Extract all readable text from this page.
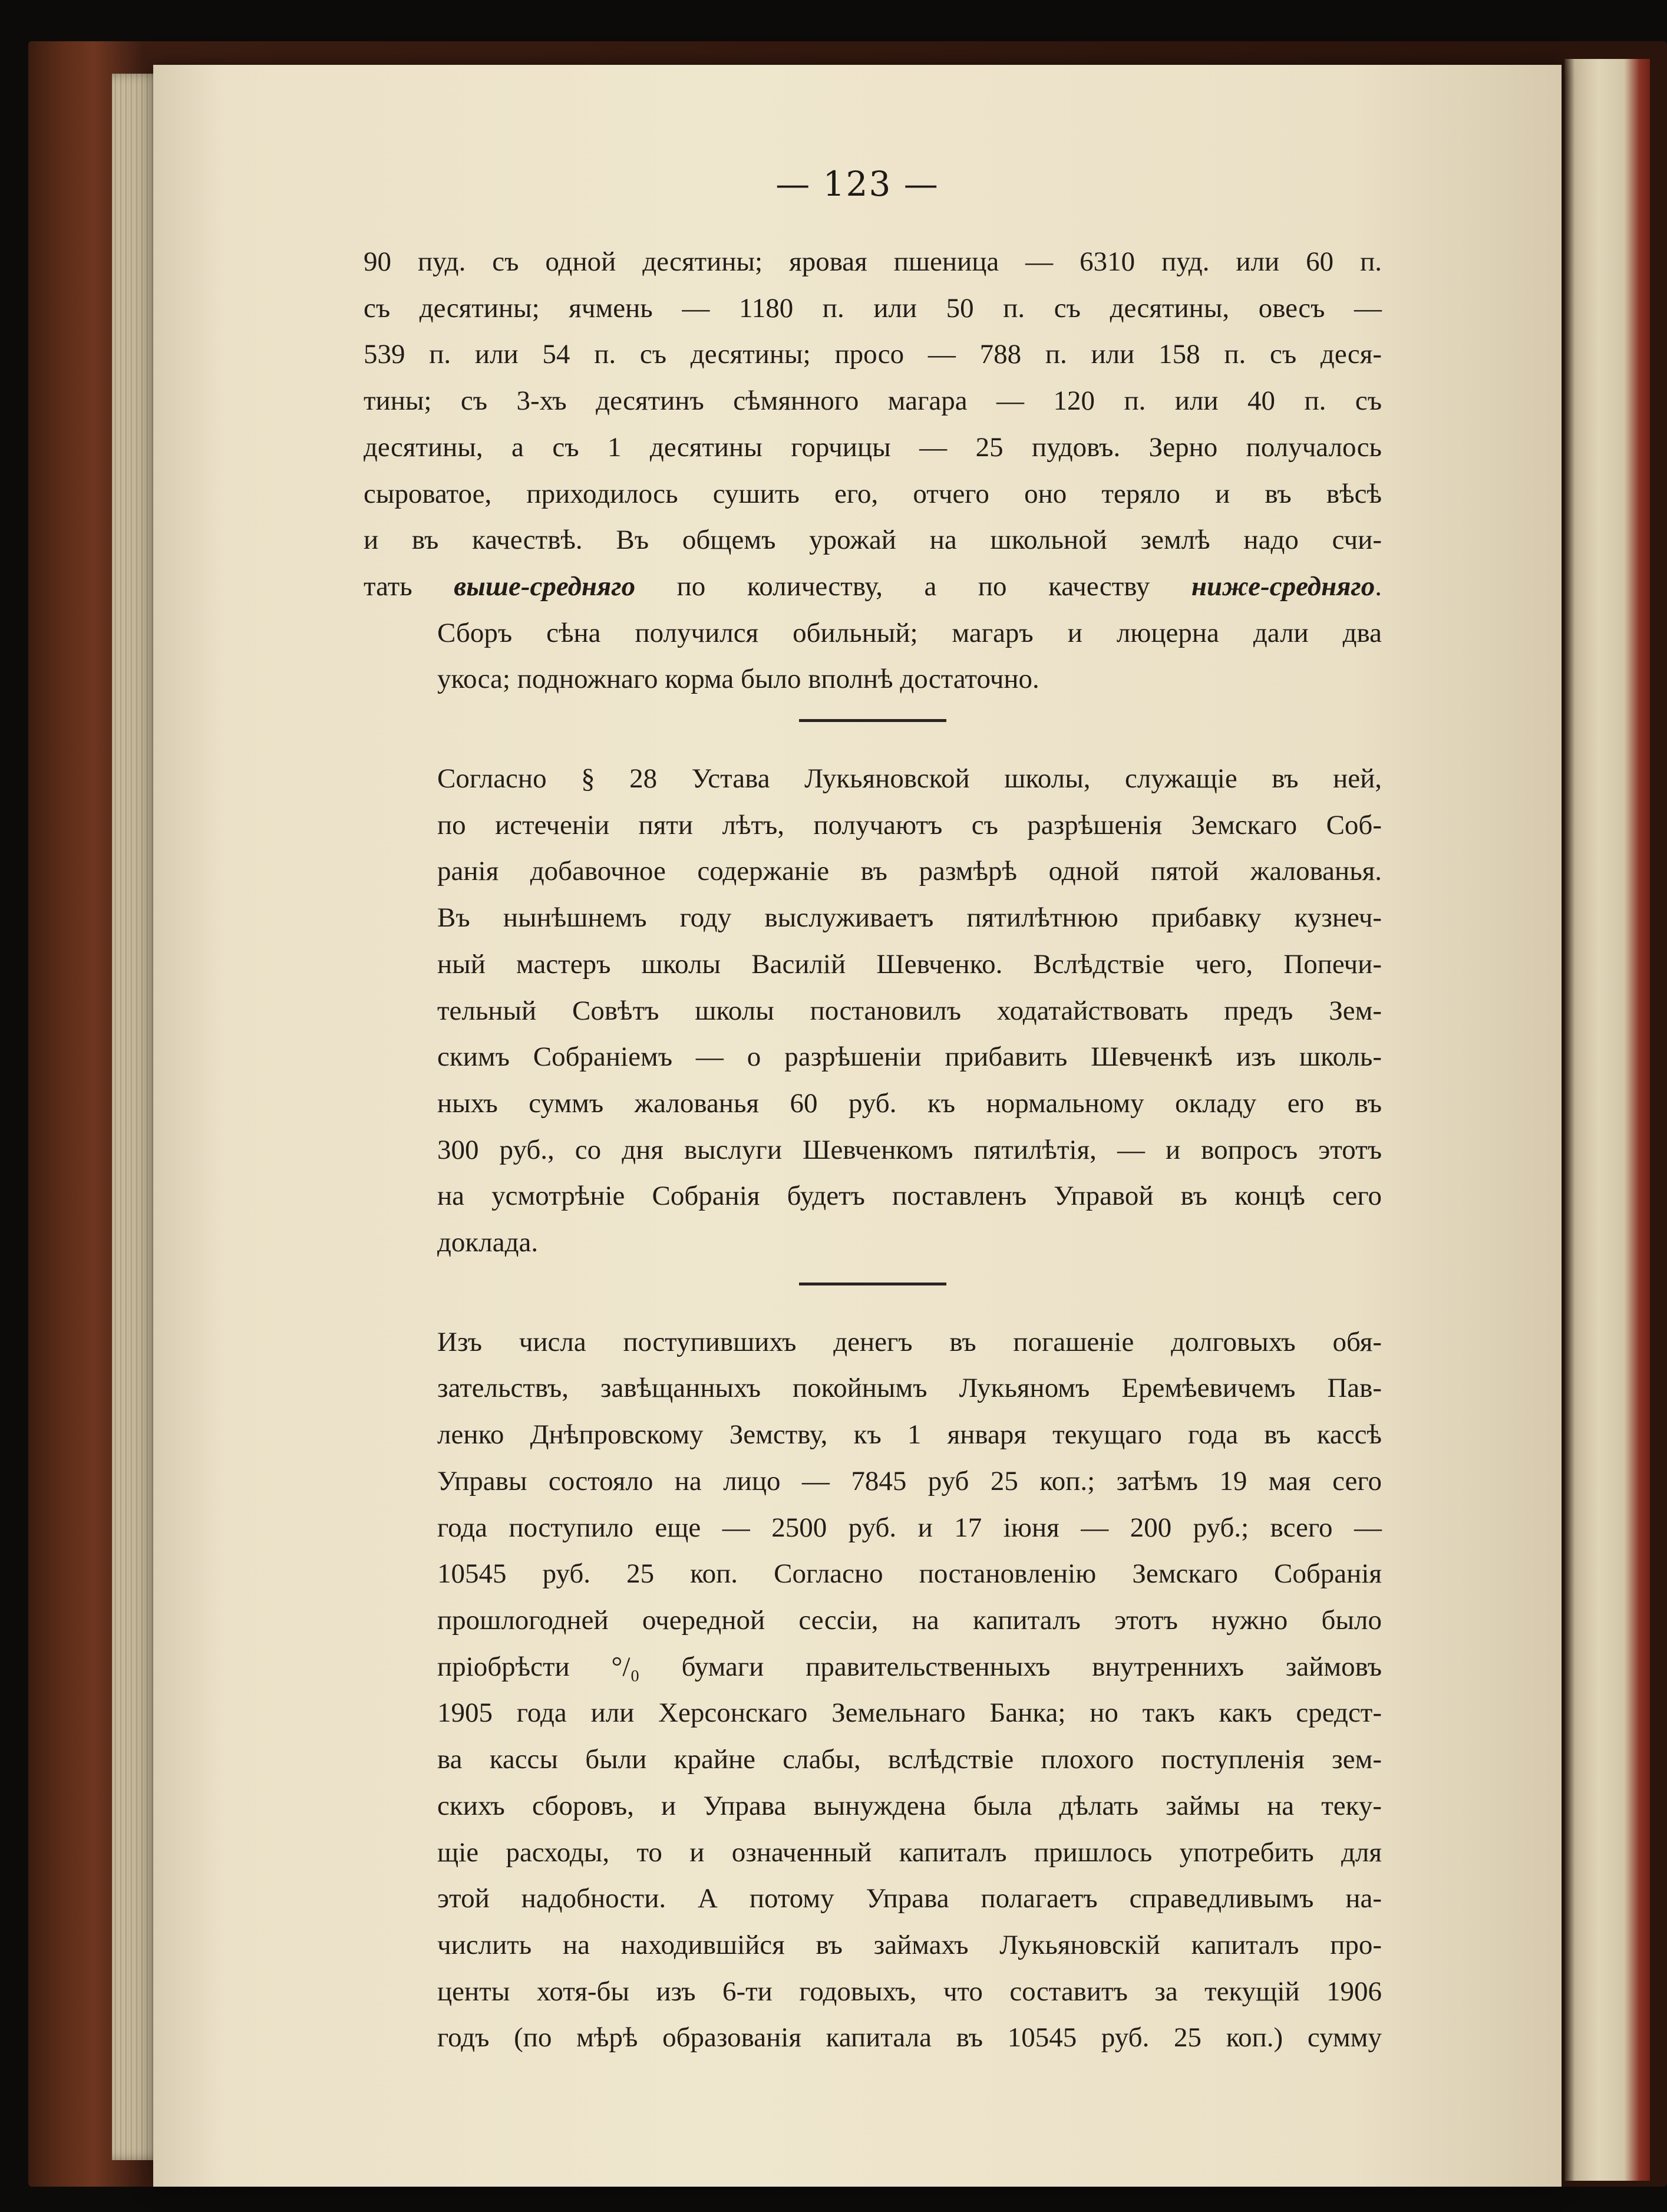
— 123 —

90 пуд. съ одной десятины; яровая пшеница — 6310 пуд. или 60 п.
съ десятины; ячмень — 1180 п. или 50 п. съ десятины, овесъ —
539 п. или 54 п. съ десятины; просо — 788 п. или 158 п. съ деся-
тины; съ 3-хъ десятинъ сѣмянного магара — 120 п. или 40 п. съ
десятины, а съ 1 десятины горчицы — 25 пудовъ. Зерно получалось
сыроватое, приходилось сушить его, отчего оно теряло и въ вѣсѣ
и въ качествѣ. Въ общемъ урожай на школьной землѣ надо счи-
тать выше-средняго по количеству, а по качеству ниже-средняго.

Сборъ сѣна получился обильный; магаръ и люцерна дали два
укоса; подножнаго корма было вполнѣ достаточно.

Согласно § 28 Устава Лукьяновской школы, служащіе въ ней,
по истеченіи пяти лѣтъ, получаютъ съ разрѣшенія Земскаго Соб-
ранія добавочное содержаніе въ размѣрѣ одной пятой жалованья.
Въ нынѣшнемъ году выслуживаетъ пятилѣтнюю прибавку кузнеч-
ный мастеръ школы Василій Шевченко. Вслѣдствіе чего, Попечи-
тельный Совѣтъ школы постановилъ ходатайствовать предъ Зем-
скимъ Собраніемъ — о разрѣшеніи прибавить Шевченкѣ изъ школь-
ныхъ суммъ жалованья 60 руб. къ нормальному окладу его въ
300 руб., со дня выслуги Шевченкомъ пятилѣтія, — и вопросъ этотъ
на усмотрѣніе Собранія будетъ поставленъ Управой въ концѣ сего
доклада.

Изъ числа поступившихъ денегъ въ погашеніе долговыхъ обя-
зательствъ, завѣщанныхъ покойнымъ Лукьяномъ Еремѣевичемъ Пав-
ленко Днѣпровскому Земству, къ 1 января текущаго года въ кассѣ
Управы состояло на лицо — 7845 руб 25 коп.; затѣмъ 19 мая сего
года поступило еще — 2500 руб. и 17 іюня — 200 руб.; всего —
10545 руб. 25 коп. Согласно постановленію Земскаго Собранія
прошлогодней очередной сессіи, на капиталъ этотъ нужно было
пріобрѣсти °/₀ бумаги правительственныхъ внутреннихъ займовъ
1905 года или Херсонскаго Земельнаго Банка; но такъ какъ средст-
ва кассы были крайне слабы, вслѣдствіе плохого поступленія зем-
скихъ сборовъ, и Управа вынуждена была дѣлать займы на теку-
щіе расходы, то и означенный капиталъ пришлось употребить для
этой надобности. А потому Управа полагаетъ справедливымъ на-
числить на находившійся въ займахъ Лукьяновскій капиталъ про-
центы хотя-бы изъ 6-ти годовыхъ, что составитъ за текущій 1906
годъ (по мѣрѣ образованія капитала въ 10545 руб. 25 коп.) сумму
